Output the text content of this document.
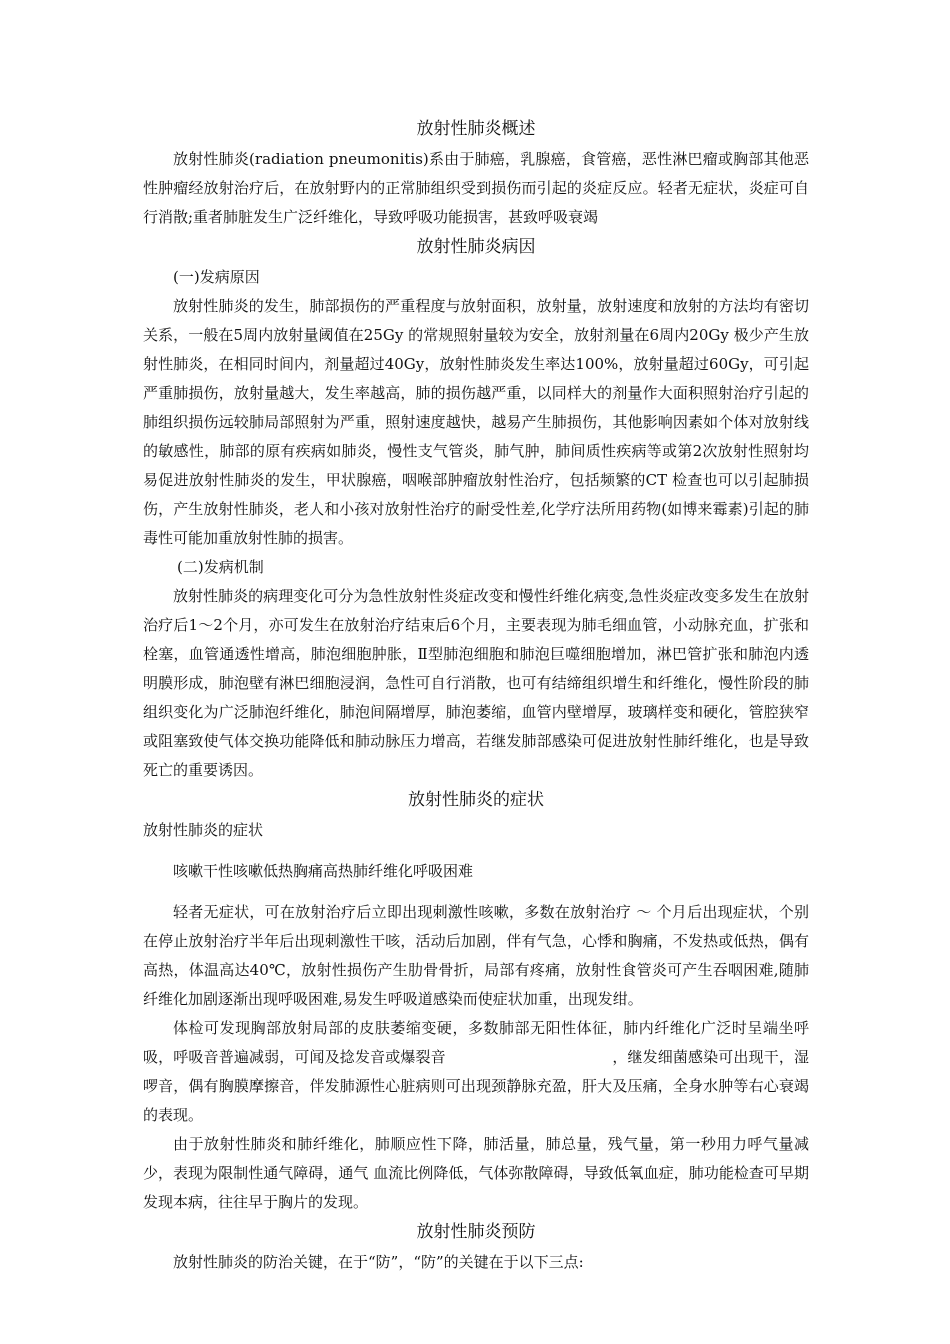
放射性肺炎概述

放射性肺炎(radiation pneumonitis)系由于肺癌，乳腺癌，食管癌，恶性淋巴瘤或胸部其他恶性肿瘤经放射治疗后，在放射野内的正常肺组织受到损伤而引起的炎症反应。轻者无症状，炎症可自行消散;重者肺脏发生广泛纤维化，导致呼吸功能损害，甚致呼吸衰竭

放射性肺炎病因

(一)发病原因

放射性肺炎的发生，肺部损伤的严重程度与放射面积，放射量，放射速度和放射的方法均有密切关系，一般在5周内放射量阈值在25Gy 的常规照射量较为安全，放射剂量在6周内20Gy 极少产生放射性肺炎，在相同时间内，剂量超过40Gy，放射性肺炎发生率达100%，放射量超过60Gy，可引起严重肺损伤，放射量越大，发生率越高，肺的损伤越严重，以同样大的剂量作大面积照射治疗引起的肺组织损伤远较肺局部照射为严重，照射速度越快，越易产生肺损伤，其他影响因素如个体对放射线的敏感性，肺部的原有疾病如肺炎，慢性支气管炎，肺气肿，肺间质性疾病等或第2次放射性照射均易促进放射性肺炎的发生，甲状腺癌，咽喉部肿瘤放射性治疗，包括频繁的CT 检查也可以引起肺损伤，产生放射性肺炎，老人和小孩对放射性治疗的耐受性差,化学疗法所用药物(如博来霉素)引起的肺毒性可能加重放射性肺的损害。

(二)发病机制

放射性肺炎的病理变化可分为急性放射性炎症改变和慢性纤维化病变,急性炎症改变多发生在放射治疗后1～2个月，亦可发生在放射治疗结束后6个月，主要表现为肺毛细血管，小动脉充血，扩张和栓塞，血管通透性增高，肺泡细胞肿胀，Ⅱ型肺泡细胞和肺泡巨噬细胞增加，淋巴管扩张和肺泡内透明膜形成，肺泡壁有淋巴细胞浸润，急性可自行消散，也可有结缔组织增生和纤维化，慢性阶段的肺组织变化为广泛肺泡纤维化，肺泡间隔增厚，肺泡萎缩，血管内壁增厚，玻璃样变和硬化，管腔狭窄或阻塞致使气体交换功能降低和肺动脉压力增高，若继发肺部感染可促进放射性肺纤维化，也是导致死亡的重要诱因。

放射性肺炎的症状

放射性肺炎的症状

咳嗽干性咳嗽低热胸痛高热肺纤维化呼吸困难

轻者无症状，可在放射治疗后立即出现刺激性咳嗽，多数在放射治疗 ～ 个月后出现症状，个别在停止放射治疗半年后出现刺激性干咳，活动后加剧，伴有气急，心悸和胸痛，不发热或低热，偶有高热，体温高达40℃，放射性损伤产生肋骨骨折，局部有疼痛，放射性食管炎可产生吞咽困难,随肺纤维化加剧逐渐出现呼吸困难,易发生呼吸道感染而使症状加重，出现发绀。

体检可发现胸部放射局部的皮肤萎缩变硬，多数肺部无阳性体征，肺内纤维化广泛时呈端坐呼吸，呼吸音普遍减弱，可闻及捻发音或爆裂音　　　　　　　　　　　，继发细菌感染可出现干，湿啰音，偶有胸膜摩擦音，伴发肺源性心脏病则可出现颈静脉充盈，肝大及压痛，全身水肿等右心衰竭的表现。

由于放射性肺炎和肺纤维化，肺顺应性下降，肺活量，肺总量，残气量，第一秒用力呼气量减少，表现为限制性通气障碍，通气 血流比例降低，气体弥散障碍，导致低氧血症，肺功能检查可早期发现本病，往往早于胸片的发现。

放射性肺炎预防

放射性肺炎的防治关键，在于“防”，“防”的关键在于以下三点:
